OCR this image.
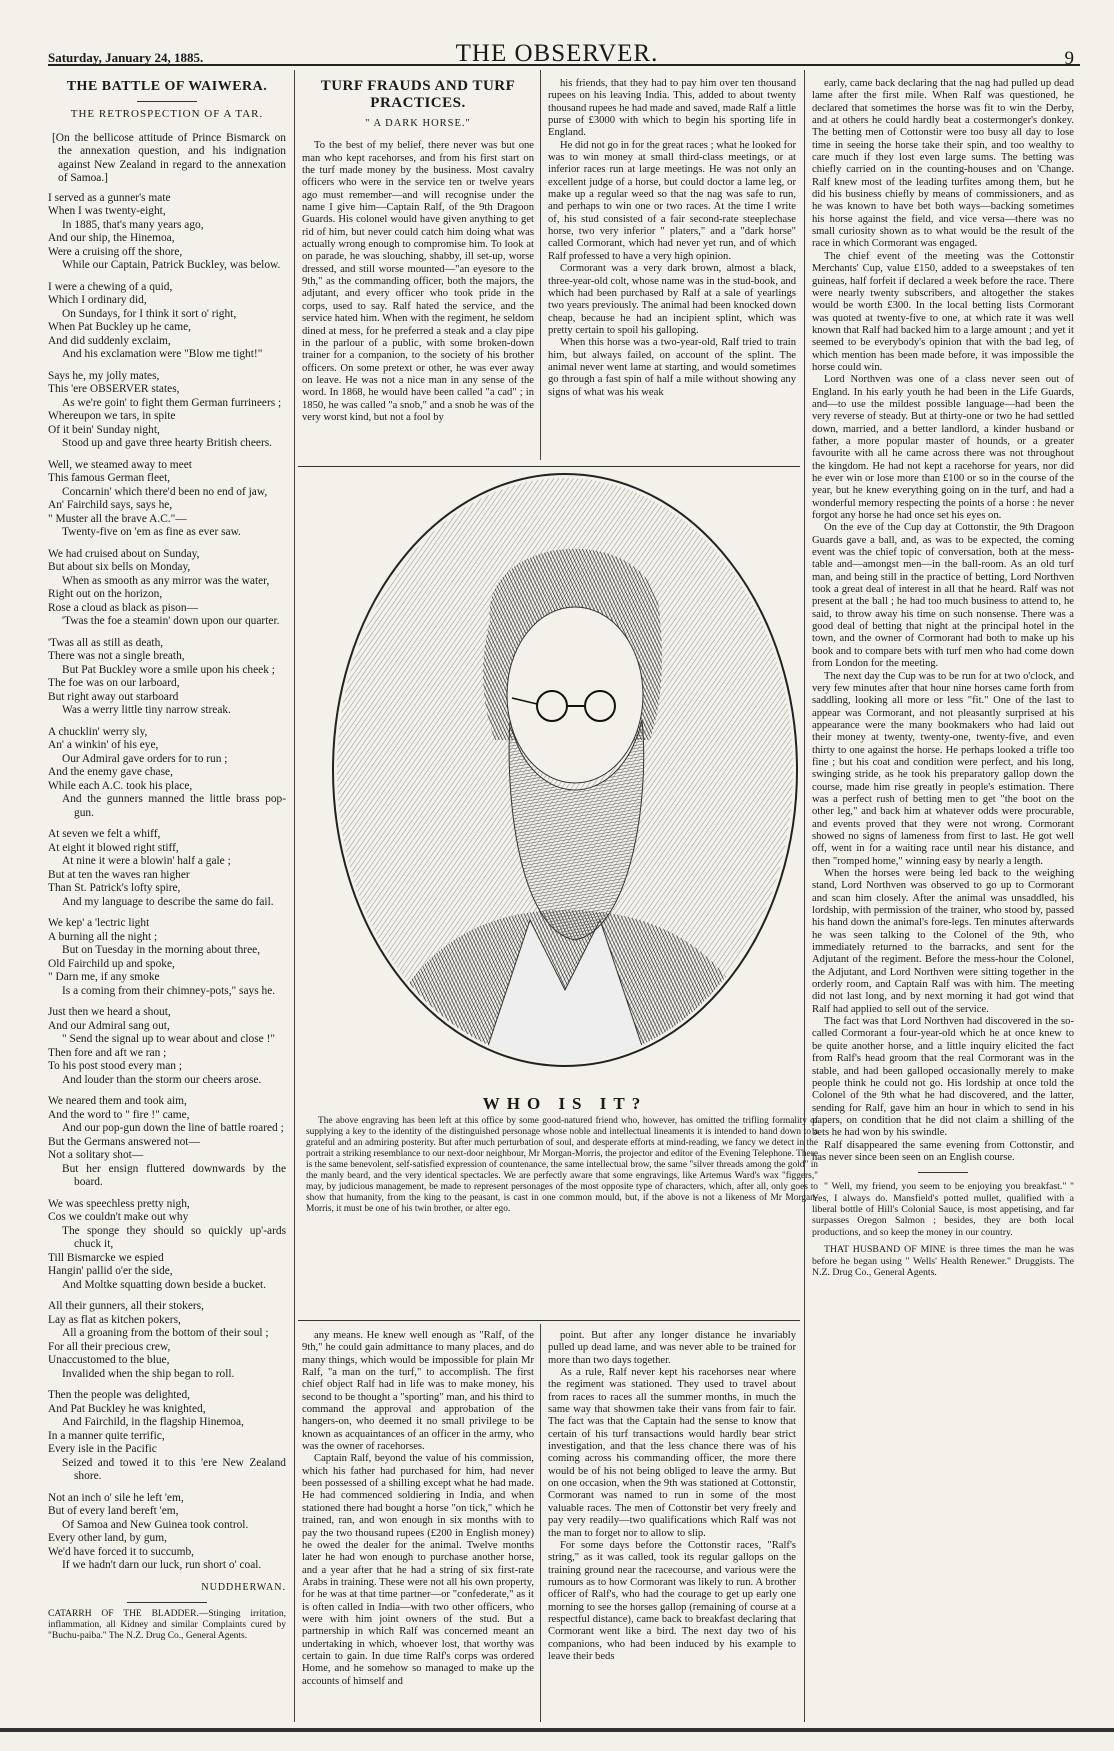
Saturday, January 24, 1885.	THE OBSERVER.	9
THE BATTLE OF WAIWERA.
THE RETROSPECTION OF A TAR.

[On the bellicose attitude of Prince Bismarck on the annexation question, and his indignation against New Zealand in regard to the annexation of Samoa.]

I served as a gunner's mate
When I was twenty-eight,
In 1885, that's many years ago,
And our ship, the Hinemoa,
Were a cruising off the shore,
While our Captain, Patrick Buckley, was below.
I were a chewing of a quid,
Which I ordinary did,
On Sundays, for I think it sort o' right,
When Pat Buckley up he came,
And did suddenly exclaim,
And his exclamation were "Blow me tight!"
Says he, my jolly mates,
This 'ere OBSERVER states,
As we're goin' to fight them German furrineers ;
Whereupon we tars, in spite
Of it bein' Sunday night,
Stood up and gave three hearty British cheers.
Well, we steamed away to meet
This famous German fleet,
Concarnin' which there'd been no end of jaw,
An' Fairchild says, says he,
" Muster all the brave A.C."—
Twenty-five on 'em as fine as ever saw.
We had cruised about on Sunday,
But about six bells on Monday,
When as smooth as any mirror was the water,
Right out on the horizon,
Rose a cloud as black as pison—
'Twas the foe a steamin' down upon our quarter.
'Twas all as still as death,
There was not a single breath,
But Pat Buckley wore a smile upon his cheek ;
The foe was on our larboard,
But right away out starboard
Was a werry little tiny narrow streak.
A chucklin' werry sly,
An' a winkin' of his eye,
Our Admiral gave orders for to run ;
And the enemy gave chase,
While each A.C. took his place,
And the gunners manned the little brass pop-gun.
At seven we felt a whiff,
At eight it blowed right stiff,
At nine it were a blowin' half a gale ;
But at ten the waves ran higher
Than St. Patrick's lofty spire,
And my language to describe the same do fail.
We kep' a 'lectric light
A burning all the night ;
But on Tuesday in the morning about three,
Old Fairchild up and spoke,
" Darn me, if any smoke
Is a coming from their chimney-pots," says he.
Just then we heard a shout,
And our Admiral sang out,
" Send the signal up to wear about and close !"
Then fore and aft we ran ;
To his post stood every man ;
And louder than the storm our cheers arose.
We neared them and took aim,
And the word to " fire !" came,
And our pop-gun down the line of battle roared ;
But the Germans answered not—
Not a solitary shot—
But her ensign fluttered downwards by the board.
We was speechless pretty nigh,
Cos we couldn't make out why
The sponge they should so quickly up'-ards chuck it,
Till Bismarcke we espied
Hangin' pallid o'er the side,
And Moltke squatting down beside a bucket.
All their gunners, all their stokers,
Lay as flat as kitchen pokers,
All a groaning from the bottom of their soul ;
For all their precious crew,
Unaccustomed to the blue,
Invalided when the ship began to roll.
Then the people was delighted,
And Pat Buckley he was knighted,
And Fairchild, in the flagship Hinemoa,
In a manner quite terrific,
Every isle in the Pacific
Seized and towed it to this 'ere New Zealand shore.
Not an inch o' sile he left 'em,
But of every land bereft 'em,
Of Samoa and New Guinea took control.
Every other land, by gum,
We'd have forced it to succumb,
If we hadn't darn our luck, run short o' coal.
NUDDHERWAN.
CATARRH OF THE BLADDER.—Stinging irritation, inflammation, all Kidney and similar Complaints cured by "Buchu-paiba." The N.Z. Drug Co., General Agents.
TURF FRAUDS AND TURF PRACTICES.
" A DARK HORSE."

To the best of my belief, there never was but one man who kept racehorses, and from his first start on the turf made money by the business. Most cavalry officers who were in the service ten or twelve years ago must remember—and will recognise under the name I give him—Captain Ralf, of the 9th Dragoon Guards. His colonel would have given anything to get rid of him, but never could catch him doing what was actually wrong enough to compromise him. To look at on parade, he was slouching, shabby, ill set-up, worse dressed, and still worse mounted—"an eyesore to the 9th," as the commanding officer, both the majors, the adjutant, and every officer who took pride in the corps, used to say. Ralf hated the service, and the service hated him. When with the regiment, he seldom dined at mess, for he preferred a steak and a clay pipe in the parlour of a public, with some broken-down trainer for a companion, to the society of his brother officers. On some pretext or other, he was ever away on leave. He was not a nice man in any sense of the word. In 1868, he would have been called "a cad" ; in 1850, he was called "a snob," and a snob he was of the very worst kind, but not a fool by

his friends, that they had to pay him over ten thousand rupees on his leaving India. This, added to about twenty thousand rupees he had made and saved, made Ralf a little purse of £3000 with which to begin his sporting life in England.

He did not go in for the great races ; what he looked for was to win money at small third-class meetings, or at inferior races run at large meetings. He was not only an excellent judge of a horse, but could doctor a lame leg, or make up a regular weed so that the nag was safe to run, and perhaps to win one or two races. At the time I write of, his stud consisted of a fair second-rate steeplechase horse, two very inferior " platers," and a "dark horse" called Cormorant, which had never yet run, and of which Ralf professed to have a very high opinion.

Cormorant was a very dark brown, almost a black, three-year-old colt, whose name was in the stud-book, and which had been purchased by Ralf at a sale of yearlings two years previously. The animal had been knocked down cheap, because he had an incipient splint, which was pretty certain to spoil his galloping.

When this horse was a two-year-old, Ralf tried to train him, but always failed, on account of the splint. The animal never went lame at starting, and would sometimes go through a fast spin of half a mile without showing any signs of what was his weak

early, came back declaring that the nag had pulled up dead lame after the first mile. When Ralf was questioned, he declared that sometimes the horse was fit to win the Derby, and at others he could hardly beat a costermonger's donkey. The betting men of Cottonstir were too busy all day to lose time in seeing the horse take their spin, and too wealthy to care much if they lost even large sums. The betting was chiefly carried on in the counting-houses and on 'Change. Ralf knew most of the leading turfites among them, but he did his business chiefly by means of commissioners, and as he was known to have bet both ways—backing sometimes his horse against the field, and vice versa—there was no small curiosity shown as to what would be the result of the race in which Cormorant was engaged.

The chief event of the meeting was the Cottonstir Merchants' Cup, value £150, added to a sweepstakes of ten guineas, half forfeit if declared a week before the race. There were nearly twenty subscribers, and altogether the stakes would be worth £300. In the local betting lists Cormorant was quoted at twenty-five to one, at which rate it was well known that Ralf had backed him to a large amount ; and yet it seemed to be everybody's opinion that with the bad leg, of which mention has been made before, it was impossible the horse could win.

Lord Northven was one of a class never seen out of England. In his early youth he had been in the Life Guards, and—to use the mildest possible language—had been the very reverse of steady. But at thirty-one or two he had settled down, married, and a better landlord, a kinder husband or father, a more popular master of hounds, or a greater favourite with all he came across there was not throughout the kingdom. He had not kept a racehorse for years, nor did he ever win or lose more than £100 or so in the course of the year, but he knew everything going on in the turf, and had a wonderful memory respecting the points of a horse : he never forgot any horse he had once set his eyes on.

On the eve of the Cup day at Cottonstir, the 9th Dragoon Guards gave a ball, and, as was to be expected, the coming event was the chief topic of conversation, both at the mess-table and—amongst men—in the ball-room. As an old turf man, and being still in the practice of betting, Lord Northven took a great deal of interest in all that he heard. Ralf was not present at the ball ; he had too much business to attend to, he said, to throw away his time on such nonsense. There was a good deal of betting that night at the principal hotel in the town, and the owner of Cormorant had both to make up his book and to compare bets with turf men who had come down from London for the meeting.

The next day the Cup was to be run for at two o'clock, and very few minutes after that hour nine horses came forth from saddling, looking all more or less "fit." One of the last to appear was Cormorant, and not pleasantly surprised at his appearance were the many bookmakers who had laid out their money at twenty, twenty-one, twenty-five, and even thirty to one against the horse. He perhaps looked a trifle too fine ; but his coat and condition were perfect, and his long, swinging stride, as he took his preparatory gallop down the course, made him rise greatly in people's estimation. There was a perfect rush of betting men to get "the boot on the other leg," and back him at whatever odds were procurable, and events proved that they were not wrong. Cormorant showed no signs of lameness from first to last. He got well off, went in for a waiting race until near his distance, and then "romped home," winning easy by nearly a length.

When the horses were being led back to the weighing stand, Lord Northven was observed to go up to Cormorant and scan him closely. After the animal was unsaddled, his lordship, with permission of the trainer, who stood by, passed his hand down the animal's fore-legs. Ten minutes afterwards he was seen talking to the Colonel of the 9th, who immediately returned to the barracks, and sent for the Adjutant of the regiment. Before the mess-hour the Colonel, the Adjutant, and Lord Northven were sitting together in the orderly room, and Captain Ralf was with him. The meeting did not last long, and by next morning it had got wind that Ralf had applied to sell out of the service.

The fact was that Lord Northven had discovered in the so-called Cormorant a four-year-old which he at once knew to be quite another horse, and a little inquiry elicited the fact from Ralf's head groom that the real Cormorant was in the stable, and had been galloped occasionally merely to make people think he could not go. His lordship at once told the Colonel of the 9th what he had discovered, and the latter, sending for Ralf, gave him an hour in which to send in his papers, on condition that he did not claim a shilling of the bets he had won by his swindle.

Ralf disappeared the same evening from Cottonstir, and has never since been seen on an English course.

" Well, my friend, you seem to be enjoying you breakfast." " Yes, I always do. Mansfield's potted mullet, qualified with a liberal bottle of Hill's Colonial Sauce, is most appetising, and far surpasses Oregon Salmon ; besides, they are both local productions, and so keep the money in our country.

THAT HUSBAND OF MINE is three times the man he was before he began using " Wells' Health Renewer." Druggists. The N.Z. Drug Co., General Agents.

WHO IS IT?

The above engraving has been left at this office by some good-natured friend who, however, has omitted the trifling formality of supplying a key to the identity of the distinguished personage whose noble and intellectual lineaments it is intended to hand down to a grateful and an admiring posterity. But after much perturbation of soul, and desperate efforts at mind-reading, we fancy we detect in the portrait a striking resemblance to our next-door neighbour, Mr Morgan-Morris, the projector and editor of the Evening Telephone. There is the same benevolent, self-satisfied expression of countenance, the same intellectual brow, the same "silver threads among the gold" in the manly beard, and the very identical spectacles. We are perfectly aware that some engravings, like Artemus Ward's wax "figgers," may, by judicious management, be made to represent personages of the most opposite type of characters, which, after all, only goes to show that humanity, from the king to the peasant, is cast in one common mould, but, if the above is not a likeness of Mr Morgan-Morris, it must be one of his twin brother, or alter ego.

any means. He knew well enough as "Ralf, of the 9th," he could gain admittance to many places, and do many things, which would be impossible for plain Mr Ralf, "a man on the turf," to accomplish. The first chief object Ralf had in life was to make money, his second to be thought a "sporting" man, and his third to command the approval and approbation of the hangers-on, who deemed it no small privilege to be known as acquaintances of an officer in the army, who was the owner of racehorses.

Captain Ralf, beyond the value of his commission, which his father had purchased for him, had never been possessed of a shilling except what he had made. He had commenced soldiering in India, and when stationed there had bought a horse "on tick," which he trained, ran, and won enough in six months with to pay the two thousand rupees (£200 in English money) he owed the dealer for the animal. Twelve months later he had won enough to purchase another horse, and a year after that he had a string of six first-rate Arabs in training. These were not all his own property, for he was at that time partner—or "confederate," as it is often called in India—with two other officers, who were with him joint owners of the stud. But a partnership in which Ralf was concerned meant an undertaking in which, whoever lost, that worthy was certain to gain. In due time Ralf's corps was ordered Home, and he somehow so managed to make up the accounts of himself and

point. But after any longer distance he invariably pulled up dead lame, and was never able to be trained for more than two days together.

As a rule, Ralf never kept his racehorses near where the regiment was stationed. They used to travel about from races to races all the summer months, in much the same way that showmen take their vans from fair to fair. The fact was that the Captain had the sense to know that certain of his turf transactions would hardly bear strict investigation, and that the less chance there was of his coming across his commanding officer, the more there would be of his not being obliged to leave the army. But on one occasion, when the 9th was stationed at Cottonstir, Cormorant was named to run in some of the most valuable races. The men of Cottonstir bet very freely and pay very readily—two qualifications which Ralf was not the man to forget nor to allow to slip.

For some days before the Cottonstir races, "Ralf's string," as it was called, took its regular gallops on the training ground near the racecourse, and various were the rumours as to how Cormorant was likely to run. A brother officer of Ralf's, who had the courage to get up early one morning to see the horses gallop (remaining of course at a respectful distance), came back to breakfast declaring that Cormorant went like a bird. The next day two of his companions, who had been induced by his example to leave their beds
